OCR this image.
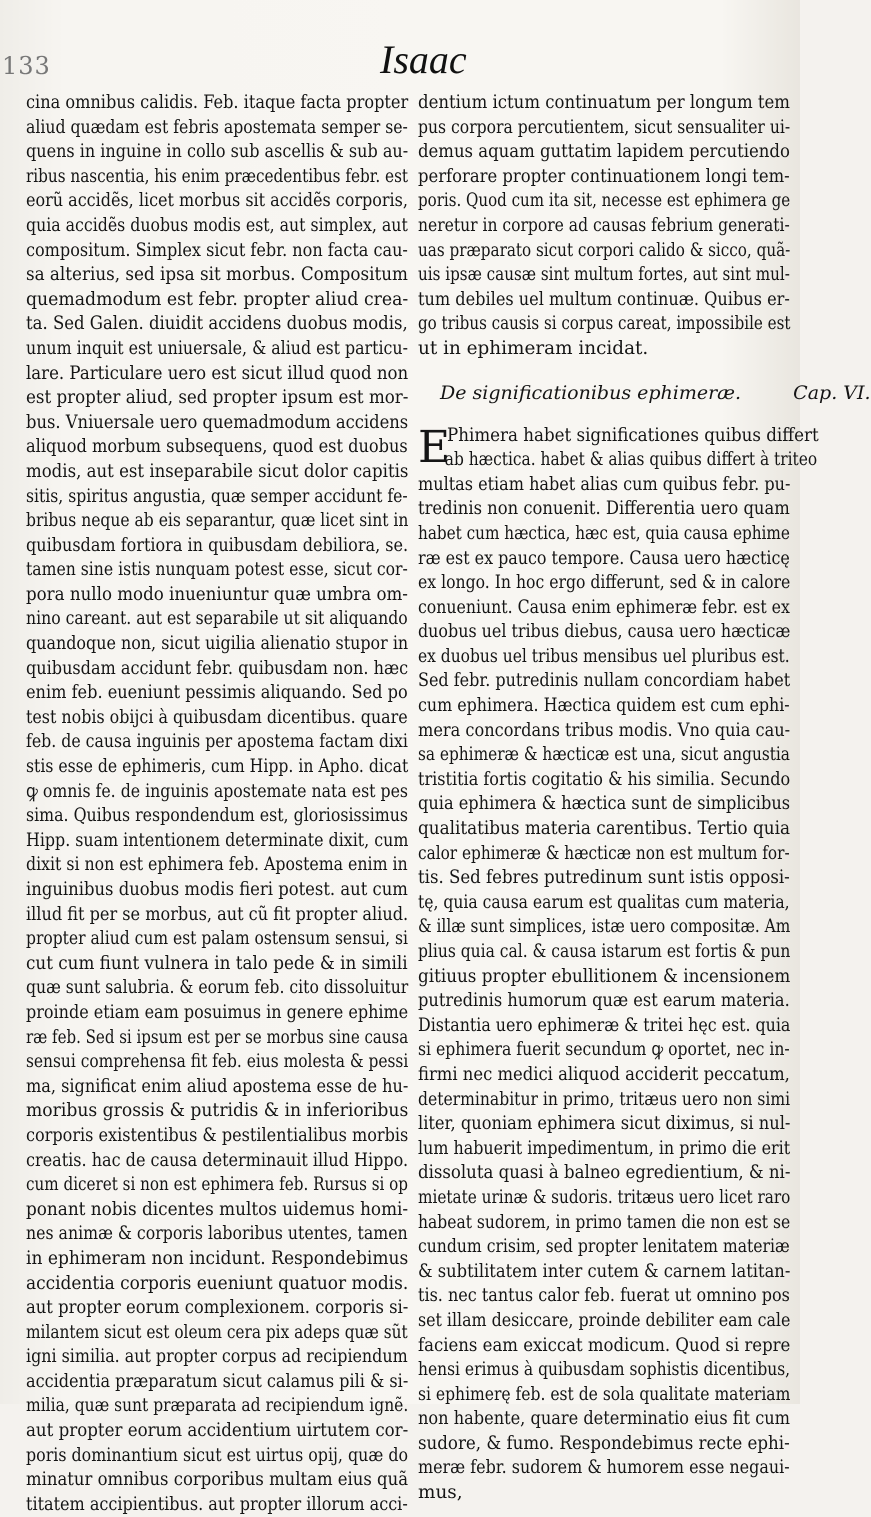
133	Isaac
cina omnibus calidis. Feb. itaque facta propter
aliud quædam est febris apostemata semper se-
quens in inguine in collo sub ascellis & sub au-
ribus nascentia, his enim præcedentibus febr. est
eorũ accidẽs, licet morbus sit accidẽs corporis,
quia accidẽs duobus modis est, aut simplex, aut
compositum. Simplex sicut febr. non facta cau-
sa alterius, sed ipsa sit morbus. Compositum
quemadmodum est febr. propter aliud crea-
ta. Sed Galen. diuidit accidens duobus modis,
unum inquit est uniuersale, & aliud est particu-
lare. Particulare uero est sicut illud quod non
est propter aliud, sed propter ipsum est mor-
bus. Vniuersale uero quemadmodum accidens
aliquod morbum subsequens, quod est duobus
modis, aut est inseparabile sicut dolor capitis
sitis, spiritus angustia, quæ semper accidunt fe-
bribus neque ab eis separantur, quæ licet sint in
quibusdam fortiora in quibusdam debiliora, se.
tamen sine istis nunquam potest esse, sicut cor-
pora nullo modo inueniuntur quæ umbra om-
nino careant. aut est separabile ut sit aliquando
quandoque non, sicut uigilia alienatio stupor in
quibusdam accidunt febr. quibusdam non. hæc
enim feb. eueniunt pessimis aliquando. Sed po
test nobis obijci à quibusdam dicentibus. quare
feb. de causa inguinis per apostema factam dixi
stis esse de ephimeris, cum Hipp. in Apho. dicat
ꝙ omnis fe. de inguinis apostemate nata est pes
sima. Quibus respondendum est, gloriosissimus
Hipp. suam intentionem determinate dixit, cum
dixit si non est ephimera feb. Apostema enim in
inguinibus duobus modis fieri potest. aut cum
illud fit per se morbus, aut cũ fit propter aliud.
propter aliud cum est palam ostensum sensui, si
cut cum fiunt vulnera in talo pede & in simili
quæ sunt salubria. & eorum feb. cito dissoluitur
proinde etiam eam posuimus in genere ephime
ræ feb. Sed si ipsum est per se morbus sine causa
sensui comprehensa fit feb. eius molesta & pessi
ma, significat enim aliud apostema esse de hu-
moribus grossis & putridis & in inferioribus
corporis existentibus & pestilentialibus morbis
creatis. hac de causa determinauit illud Hippo.
cum diceret si non est ephimera feb. Rursus si op
ponant nobis dicentes multos uidemus homi-
nes animæ & corporis laboribus utentes, tamen
in ephimeram non incidunt. Respondebimus
accidentia corporis eueniunt quatuor modis.
aut propter eorum complexionem. corporis si-
milantem sicut est oleum cera pix adeps quæ sũt
igni similia. aut propter corpus ad recipiendum
accidentia præparatum sicut calamus pili & si-
milia, quæ sunt præparata ad recipiendum ignẽ.
aut propter eorum accidentium uirtutem cor-
poris dominantium sicut est uirtus opij, quæ do
minatur omnibus corporibus multam eius quã
titatem accipientibus. aut propter illorum acci-
dentium ictum continuatum per longum tem
pus corpora percutientem, sicut sensualiter ui-
demus aquam guttatim lapidem percutiendo
perforare propter continuationem longi tem-
poris. Quod cum ita sit, necesse est ephimera ge
neretur in corpore ad causas febrium generati-
uas præparato sicut corpori calido & sicco, quã-
uis ipsæ causæ sint multum fortes, aut sint mul-
tum debiles uel multum continuæ. Quibus er-
go tribus causis si corpus careat, impossibile est
ut in ephimeram incidat.
De significationibus ephimeræ.	Cap. VI.
E
Phimera habet significationes quibus differt
ab hæctica. habet & alias quibus differt à triteo
multas etiam habet alias cum quibus febr. pu-
tredinis non conuenit. Differentia uero quam
habet cum hæctica, hæc est, quia causa ephime
ræ est ex pauco tempore. Causa uero hæcticę
ex longo. In hoc ergo differunt, sed & in calore
conueniunt. Causa enim ephimeræ febr. est ex
duobus uel tribus diebus, causa uero hæcticæ
ex duobus uel tribus mensibus uel pluribus est.
Sed febr. putredinis nullam concordiam habet
cum ephimera. Hæctica quidem est cum ephi-
mera concordans tribus modis. Vno quia cau-
sa ephimeræ & hæcticæ est una, sicut angustia
tristitia fortis cogitatio & his similia. Secundo
quia ephimera & hæctica sunt de simplicibus
qualitatibus materia carentibus. Tertio quia
calor ephimeræ & hæcticæ non est multum for-
tis. Sed febres putredinum sunt istis opposi-
tę, quia causa earum est qualitas cum materia,
& illæ sunt simplices, istæ uero compositæ. Am
plius quia cal. & causa istarum est fortis & pun
gitiuus propter ebullitionem & incensionem
putredinis humorum quæ est earum materia.
Distantia uero ephimeræ & tritei hęc est. quia
si ephimera fuerit secundum ꝙ oportet, nec in-
firmi nec medici aliquod acciderit peccatum,
determinabitur in primo, tritæus uero non simi
liter, quoniam ephimera sicut diximus, si nul-
lum habuerit impedimentum, in primo die erit
dissoluta quasi à balneo egredientium, & ni-
mietate urinæ & sudoris. tritæus uero licet raro
habeat sudorem, in primo tamen die non est se
cundum crisim, sed propter lenitatem materiæ
& subtilitatem inter cutem & carnem latitan-
tis. nec tantus calor feb. fuerat ut omnino pos
set illam desiccare, proinde debiliter eam cale
faciens eam exiccat modicum. Quod si repre
hensi erimus à quibusdam sophistis dicentibus,
si ephimerę feb. est de sola qualitate materiam
non habente, quare determinatio eius fit cum
sudore, & fumo. Respondebimus recte ephi-
meræ febr. sudorem & humorem esse negaui-
mus,
